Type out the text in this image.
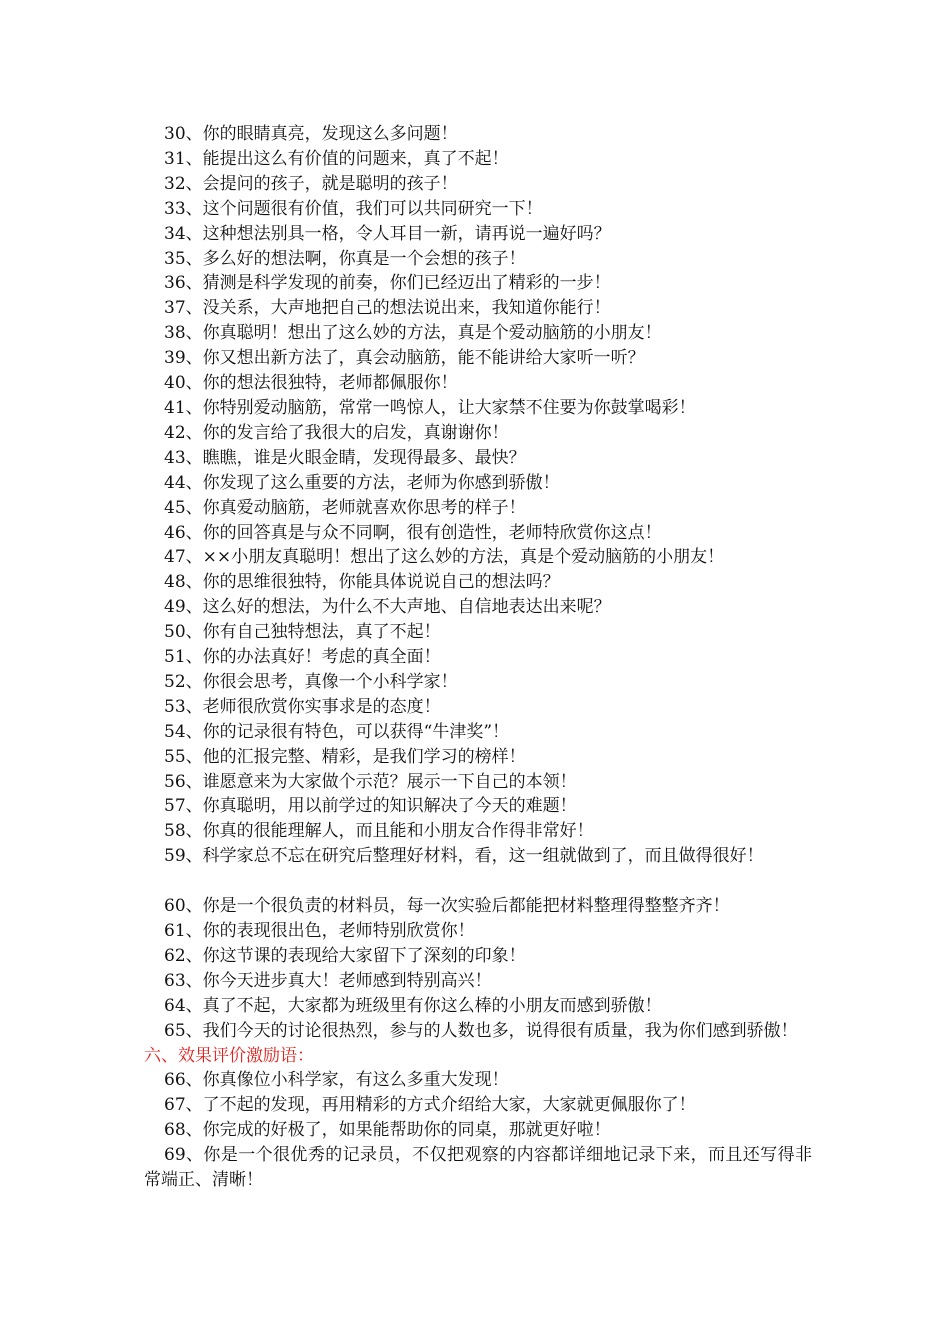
30、你的眼睛真亮，发现这么多问题！

31、能提出这么有价值的问题来，真了不起！

32、会提问的孩子，就是聪明的孩子！

33、这个问题很有价值，我们可以共同研究一下！

34、这种想法别具一格，令人耳目一新，请再说一遍好吗？

35、多么好的想法啊，你真是一个会想的孩子！

36、猜测是科学发现的前奏，你们已经迈出了精彩的一步！

37、没关系，大声地把自己的想法说出来，我知道你能行！

38、你真聪明！想出了这么妙的方法，真是个爱动脑筋的小朋友！

39、你又想出新方法了，真会动脑筋，能不能讲给大家听一听？

40、你的想法很独特，老师都佩服你！

41、你特别爱动脑筋，常常一鸣惊人，让大家禁不住要为你鼓掌喝彩！

42、你的发言给了我很大的启发，真谢谢你！

43、瞧瞧，谁是火眼金睛，发现得最多、最快？

44、你发现了这么重要的方法，老师为你感到骄傲！

45、你真爱动脑筋，老师就喜欢你思考的样子！

46、你的回答真是与众不同啊，很有创造性，老师特欣赏你这点！

47、××小朋友真聪明！想出了这么妙的方法，真是个爱动脑筋的小朋友！

48、你的思维很独特，你能具体说说自己的想法吗？

49、这么好的想法，为什么不大声地、自信地表达出来呢？

50、你有自己独特想法，真了不起！

51、你的办法真好！考虑的真全面！

52、你很会思考，真像一个小科学家！

53、老师很欣赏你实事求是的态度！

54、你的记录很有特色，可以获得“牛津奖”！

55、他的汇报完整、精彩，是我们学习的榜样！

56、谁愿意来为大家做个示范？展示一下自己的本领！

57、你真聪明，用以前学过的知识解决了今天的难题！

58、你真的很能理解人，而且能和小朋友合作得非常好！

59、科学家总不忘在研究后整理好材料，看，这一组就做到了，而且做得很好！

60、你是一个很负责的材料员，每一次实验后都能把材料整理得整整齐齐！

61、你的表现很出色，老师特别欣赏你！

62、你这节课的表现给大家留下了深刻的印象！

63、你今天进步真大！老师感到特别高兴！

64、真了不起，大家都为班级里有你这么棒的小朋友而感到骄傲！

65、我们今天的讨论很热烈，参与的人数也多，说得很有质量，我为你们感到骄傲！

六、效果评价激励语：

66、你真像位小科学家，有这么多重大发现！

67、了不起的发现，再用精彩的方式介绍给大家，大家就更佩服你了！

68、你完成的好极了，如果能帮助你的同桌，那就更好啦！

69、你是一个很优秀的记录员，不仅把观察的内容都详细地记录下来，而且还写得非常端正、清晰！
